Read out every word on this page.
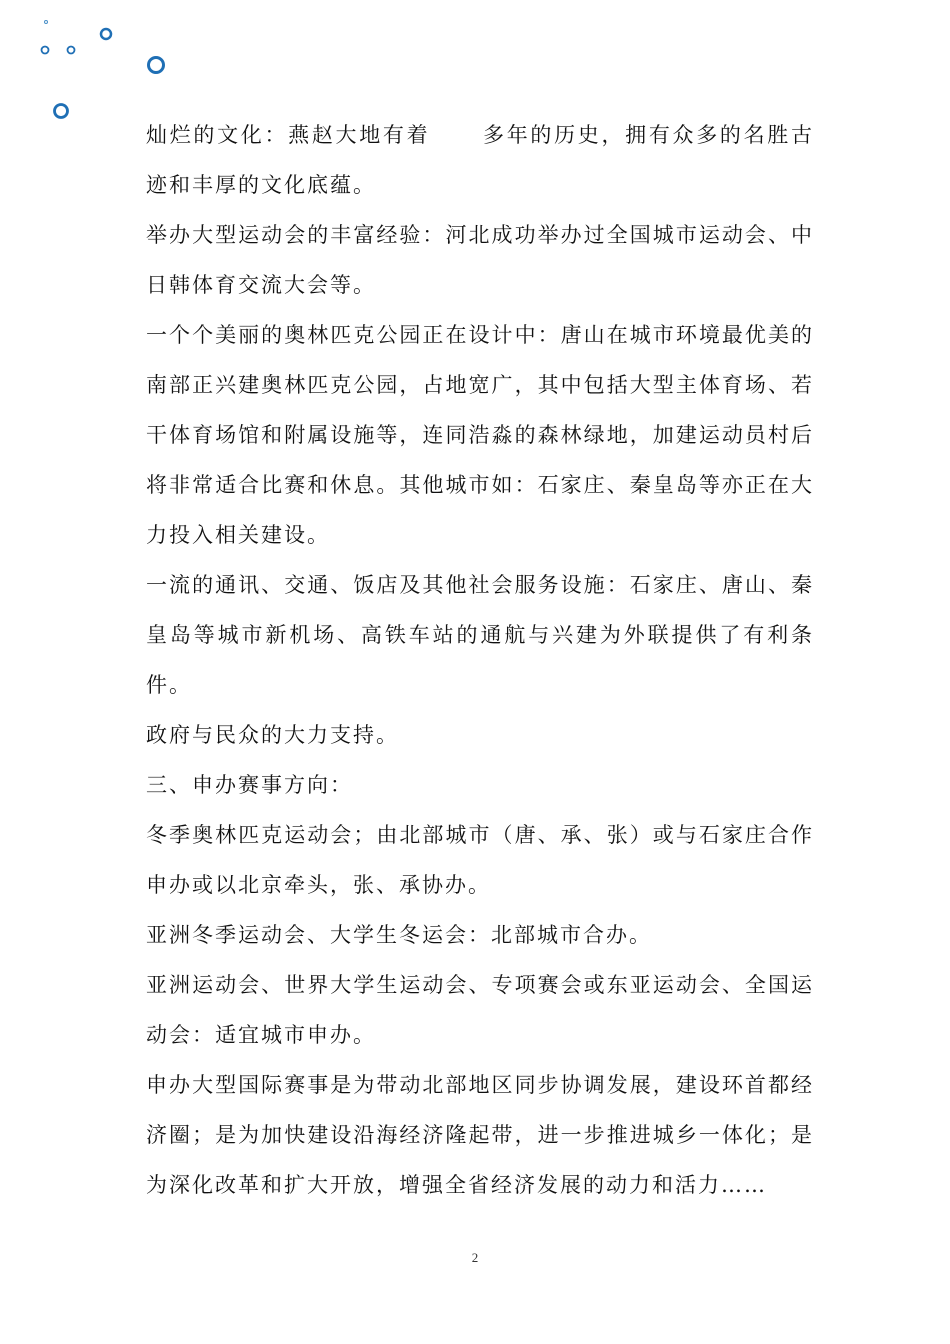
灿烂的文化：燕赵大地有着 多年的历史，拥有众多的名胜古迹和丰厚的文化底蕴。

举办大型运动会的丰富经验：河北成功举办过全国城市运动会、中日韩体育交流大会等。

一个个美丽的奥林匹克公园正在设计中：唐山在城市环境最优美的南部正兴建奥林匹克公园，占地宽广，其中包括大型主体育场、若干体育场馆和附属设施等，连同浩淼的森林绿地，加建运动员村后将非常适合比赛和休息。其他城市如：石家庄、秦皇岛等亦正在大力投入相关建设。

一流的通讯、交通、饭店及其他社会服务设施：石家庄、唐山、秦皇岛等城市新机场、高铁车站的通航与兴建为外联提供了有利条件。

政府与民众的大力支持。

三、申办赛事方向：

冬季奥林匹克运动会；由北部城市（唐、承、张）或与石家庄合作申办或以北京牵头，张、承协办。

亚洲冬季运动会、大学生冬运会：北部城市合办。

亚洲运动会、世界大学生运动会、专项赛会或东亚运动会、全国运动会：适宜城市申办。

申办大型国际赛事是为带动北部地区同步协调发展，建设环首都经济圈；是为加快建设沿海经济隆起带，进一步推进城乡一体化；是为深化改革和扩大开放，增强全省经济发展的动力和活力……

2
